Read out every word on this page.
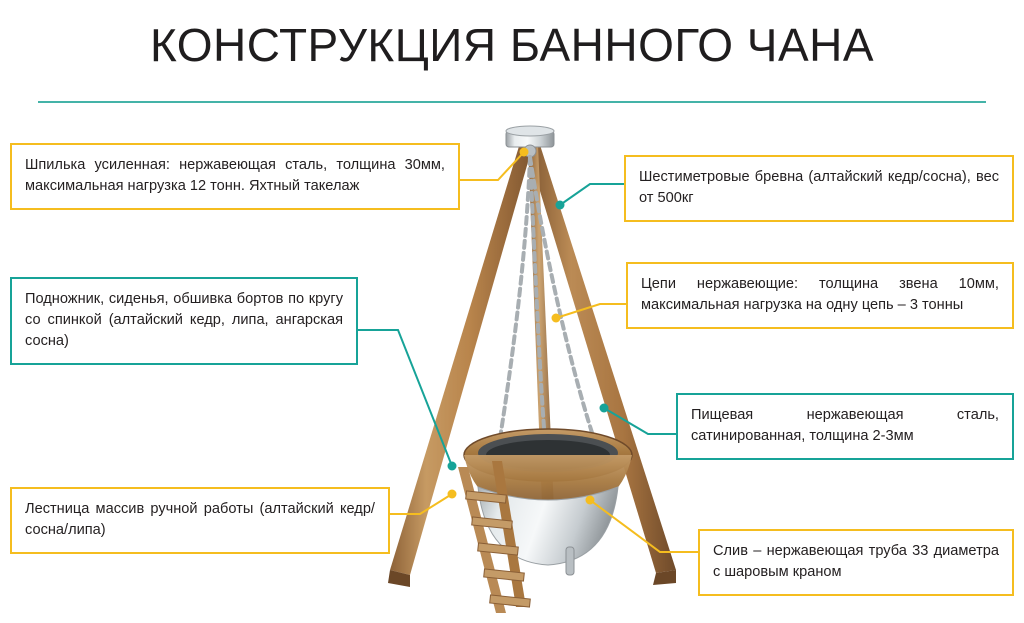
КОНСТРУКЦИЯ БАННОГО ЧАНА

Шпилька усиленная: нержавеющая сталь, толщина 30мм, максимальная нагрузка 12 тонн. Яхтный такелаж

Шестиметровые бревна (алтайский кедр/сосна), вес от 500кг

Подножник, сиденья, обшивка бортов по кругу со спинкой (алтайский кедр, липа, ангарская сосна)

Цепи нержавеющие: толщина звена 10мм, максимальная нагрузка на одну цепь – 3 тонны

Пищевая нержавеющая сталь, сатинированная, толщина 2-3мм

Лестница массив ручной работы (алтайский кедр/сосна/липа)

Слив – нержавеющая труба 33 диаметра с шаровым краном
